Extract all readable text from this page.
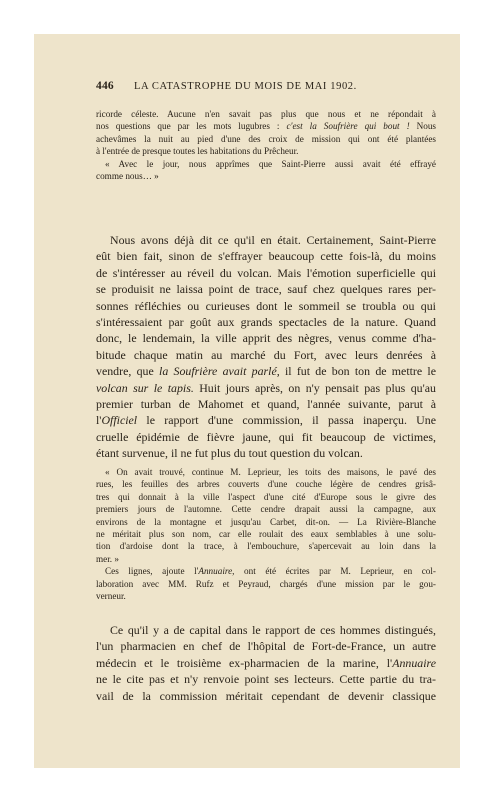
446 LA CATASTROPHE DU MOIS DE MAI 1902.
ricorde céleste. Aucune n'en savait pas plus que nous et ne répondait à
nos questions que par les mots lugubres : c'est la Soufrière qui bout ! Nous
achevâmes la nuit au pied d'une des croix de mission qui ont été plantées
à l'entrée de presque toutes les habitations du Prêcheur.
« Avec le jour, nous apprîmes que Saint-Pierre aussi avait été effrayé
comme nous… »
Nous avons déjà dit ce qu'il en était. Certainement, Saint-Pierre
eût bien fait, sinon de s'effrayer beaucoup cette fois-là, du moins
de s'intéresser au réveil du volcan. Mais l'émotion superficielle qui
se produisit ne laissa point de trace, sauf chez quelques rares per-
sonnes réfléchies ou curieuses dont le sommeil se troubla ou qui
s'intéressaient par goût aux grands spectacles de la nature. Quand
donc, le lendemain, la ville apprit des nègres, venus comme d'ha-
bitude chaque matin au marché du Fort, avec leurs denrées à
vendre, que la Soufrière avait parlé, il fut de bon ton de mettre le
volcan sur le tapis. Huit jours après, on n'y pensait pas plus qu'au
premier turban de Mahomet et quand, l'année suivante, parut à
l'Officiel le rapport d'une commission, il passa inaperçu. Une
cruelle épidémie de fièvre jaune, qui fit beaucoup de victimes,
étant survenue, il ne fut plus du tout question du volcan.
« On avait trouvé, continue M. Leprieur, les toits des maisons, le pavé des
rues, les feuilles des arbres couverts d'une couche légère de cendres grisâ-
tres qui donnait à la ville l'aspect d'une cité d'Europe sous le givre des
premiers jours de l'automne. Cette cendre drapait aussi la campagne, aux
environs de la montagne et jusqu'au Carbet, dit-on. — La Rivière-Blanche
ne méritait plus son nom, car elle roulait des eaux semblables à une solu-
tion d'ardoise dont la trace, à l'embouchure, s'apercevait au loin dans la
mer. »
Ces lignes, ajoute l'Annuaire, ont été écrites par M. Leprieur, en col-
laboration avec MM. Rufz et Peyraud, chargés d'une mission par le gou-
verneur.
Ce qu'il y a de capital dans le rapport de ces hommes distingués,
l'un pharmacien en chef de l'hôpital de Fort-de-France, un autre
médecin et le troisième ex-pharmacien de la marine, l'Annuaire
ne le cite pas et n'y renvoie point ses lecteurs. Cette partie du tra-
vail de la commission méritait cependant de devenir classique
